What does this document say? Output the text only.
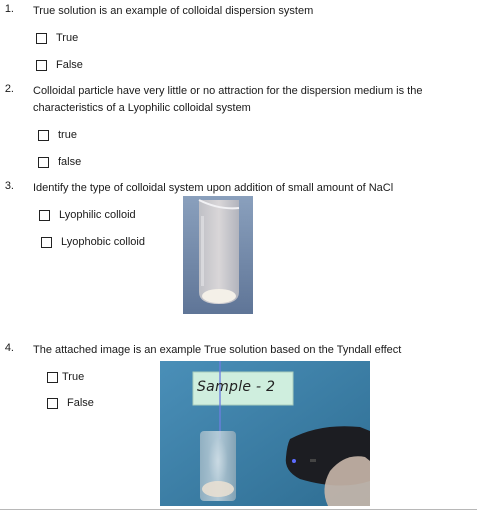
1. True solution is an example of colloidal dispersion system
True
False
2. Colloidal particle have very little or no attraction for the dispersion medium is the characteristics of a Lyophilic colloidal system
true
false
3. Identify the type of colloidal system upon addition of small amount of NaCl
Lyophilic colloid
Lyophobic colloid
4. The attached image is an example True solution based on the Tyndall effect
True
False
Sample - 2
